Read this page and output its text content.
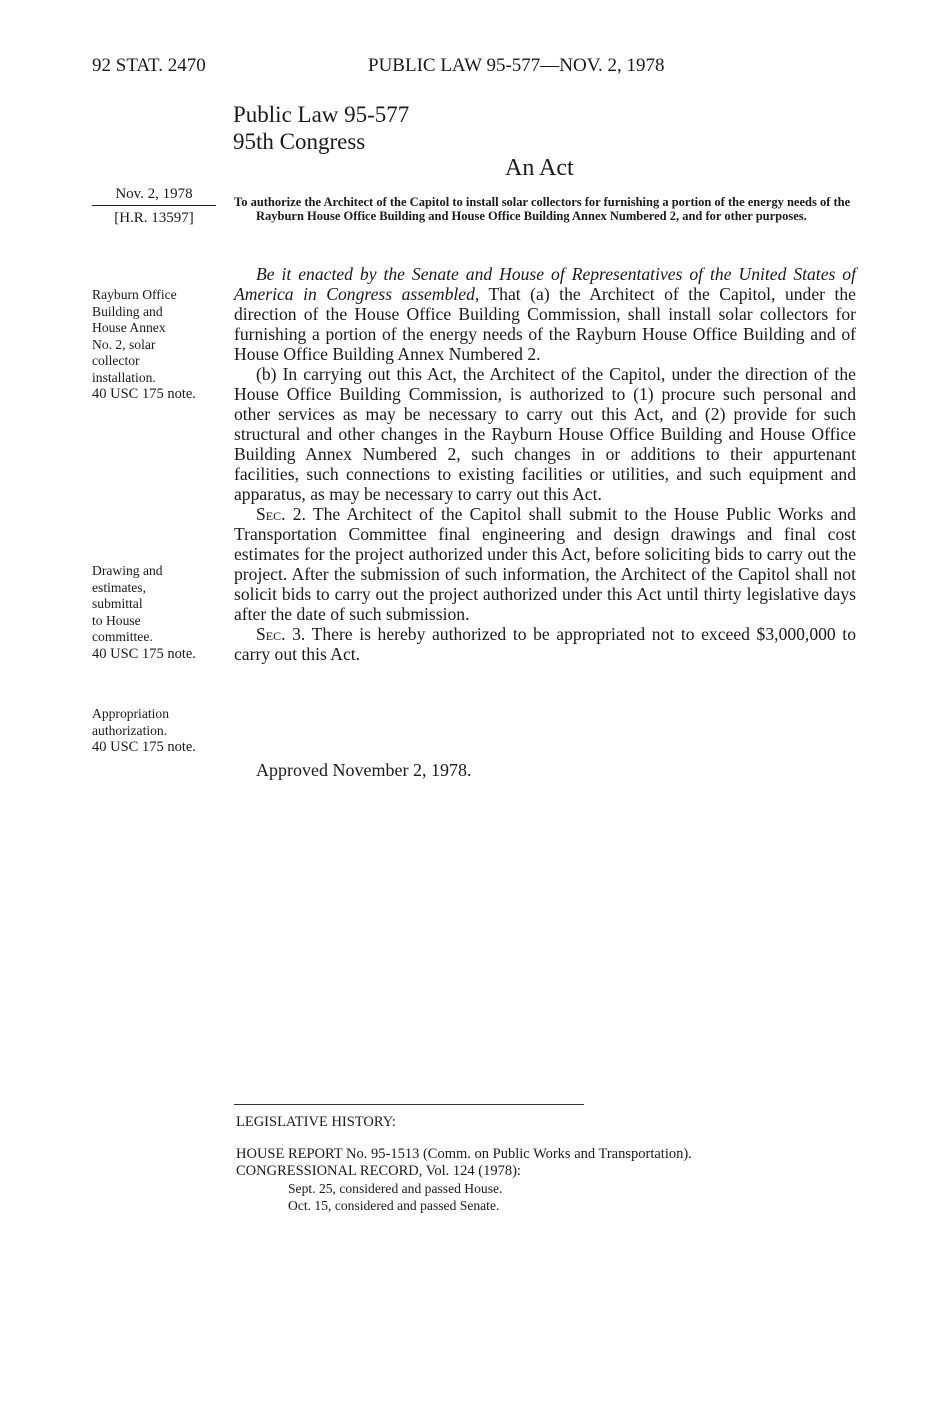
92 STAT. 2470	PUBLIC LAW 95-577—NOV. 2, 1978
Public Law 95-577
95th Congress
An Act
Nov. 2, 1978
[H.R. 13597]
To authorize the Architect of the Capitol to install solar collectors for furnishing a portion of the energy needs of the Rayburn House Office Building and House Office Building Annex Numbered 2, and for other purposes.
Rayburn Office
Building and
House Annex
No. 2, solar
collector
installation.
40 USC 175 note.
Drawing and
estimates,
submittal
to House
committee.
40 USC 175 note.
Appropriation
authorization.
40 USC 175 note.

Be it enacted by the Senate and House of Representatives of the United States of America in Congress assembled, That (a) the Architect of the Capitol, under the direction of the House Office Building Commission, shall install solar collectors for furnishing a portion of the energy needs of the Rayburn House Office Building and of House Office Building Annex Numbered 2.

(b) In carrying out this Act, the Architect of the Capitol, under the direction of the House Office Building Commission, is authorized to (1) procure such personal and other services as may be necessary to carry out this Act, and (2) provide for such structural and other changes in the Rayburn House Office Building and House Office Building Annex Numbered 2, such changes in or additions to their appurtenant facilities, such connections to existing facilities or utilities, and such equipment and apparatus, as may be necessary to carry out this Act.

Sec. 2. The Architect of the Capitol shall submit to the House Public Works and Transportation Committee final engineering and design drawings and final cost estimates for the project authorized under this Act, before soliciting bids to carry out the project. After the submission of such information, the Architect of the Capitol shall not solicit bids to carry out the project authorized under this Act until thirty legislative days after the date of such submission.

Sec. 3. There is hereby authorized to be appropriated not to exceed $3,000,000 to carry out this Act.

Approved November 2, 1978.
LEGISLATIVE HISTORY:
HOUSE REPORT No. 95-1513 (Comm. on Public Works and Transportation).
CONGRESSIONAL RECORD, Vol. 124 (1978):
Sept. 25, considered and passed House.
Oct. 15, considered and passed Senate.
